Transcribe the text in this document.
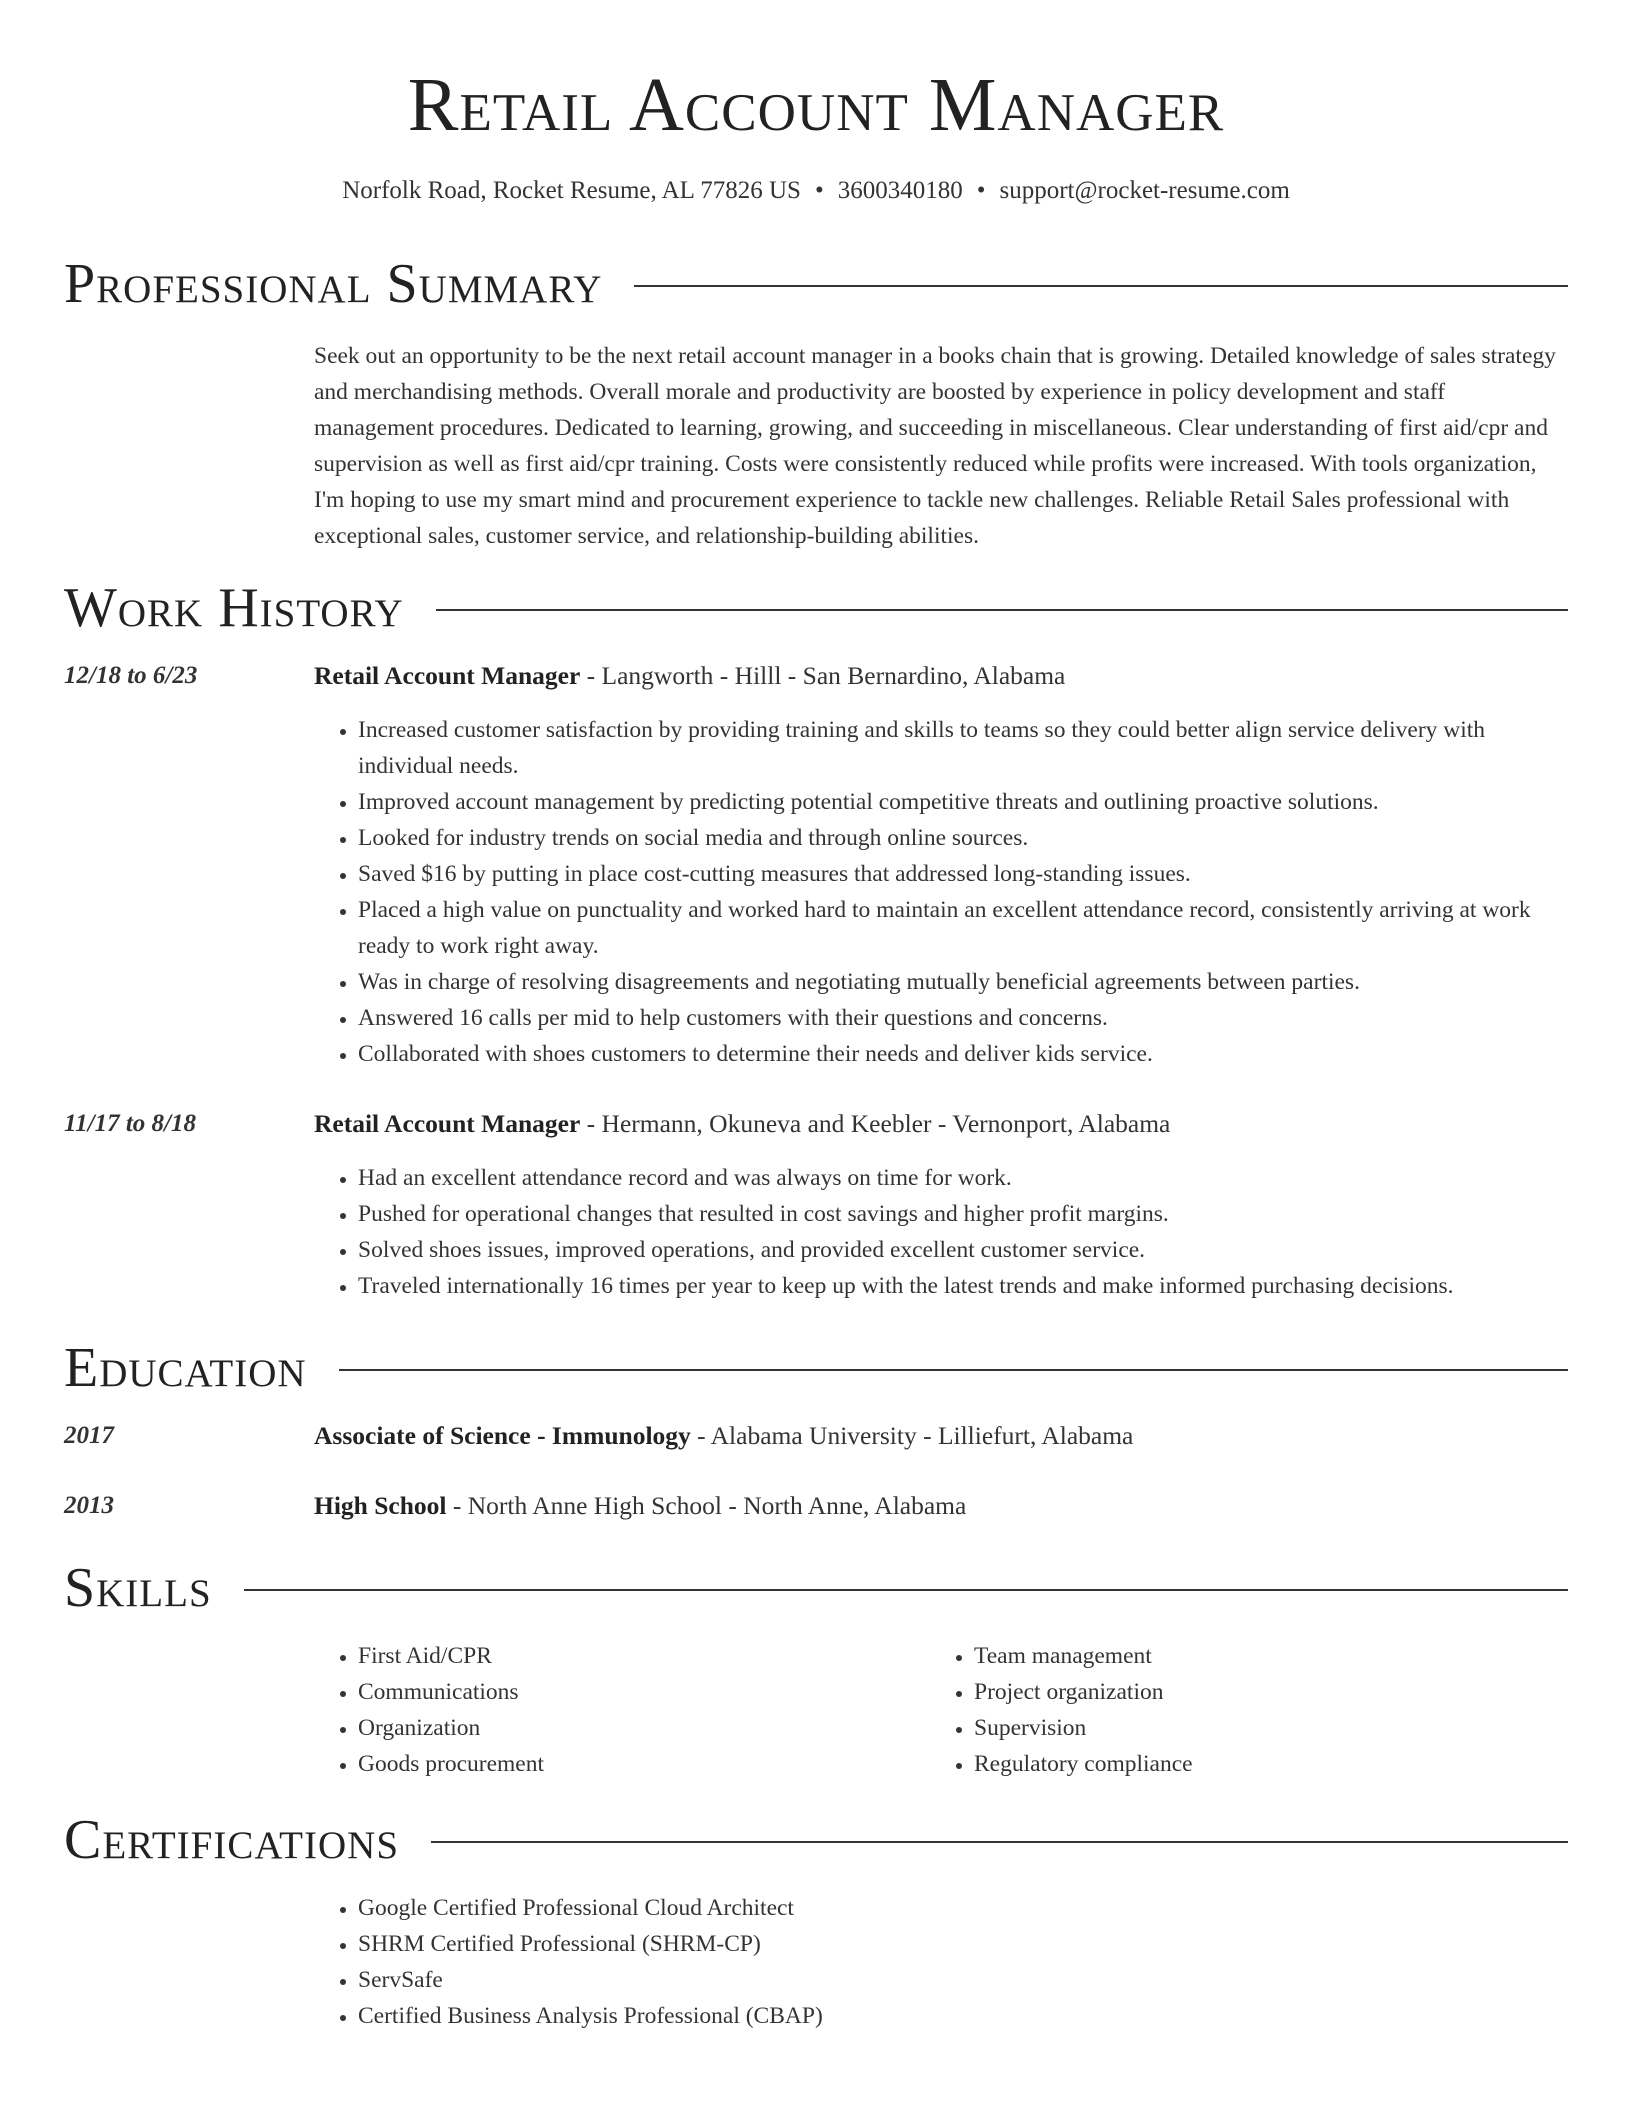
Retail Account Manager
Norfolk Road, Rocket Resume, AL 77826 US • 3600340180 • support@rocket-resume.com
Professional Summary

Seek out an opportunity to be the next retail account manager in a books chain that is growing. Detailed knowledge of sales strategy and merchandising methods. Overall morale and productivity are boosted by experience in policy development and staff management procedures. Dedicated to learning, growing, and succeeding in miscellaneous. Clear understanding of first aid/cpr and supervision as well as first aid/cpr training. Costs were consistently reduced while profits were increased. With tools organization, I'm hoping to use my smart mind and procurement experience to tackle new challenges. Reliable Retail Sales professional with exceptional sales, customer service, and relationship-building abilities.

Work History
12/18 to 6/23	Retail Account Manager - Langworth - Hilll - San Bernardino, Alabama
• Increased customer satisfaction by providing training and skills to teams so they could better align service delivery with individual needs.
• Improved account management by predicting potential competitive threats and outlining proactive solutions.
• Looked for industry trends on social media and through online sources.
• Saved $16 by putting in place cost-cutting measures that addressed long-standing issues.
• Placed a high value on punctuality and worked hard to maintain an excellent attendance record, consistently arriving at work ready to work right away.
• Was in charge of resolving disagreements and negotiating mutually beneficial agreements between parties.
• Answered 16 calls per mid to help customers with their questions and concerns.
• Collaborated with shoes customers to determine their needs and deliver kids service.
11/17 to 8/18	Retail Account Manager - Hermann, Okuneva and Keebler - Vernonport, Alabama
• Had an excellent attendance record and was always on time for work.
• Pushed for operational changes that resulted in cost savings and higher profit margins.
• Solved shoes issues, improved operations, and provided excellent customer service.
• Traveled internationally 16 times per year to keep up with the latest trends and make informed purchasing decisions.
Education
2017	Associate of Science - Immunology - Alabama University - Lilliefurt, Alabama
2013	High School - North Anne High School - North Anne, Alabama
Skills
• First Aid/CPR
• Communications
• Organization
• Goods procurement
• Team management
• Project organization
• Supervision
• Regulatory compliance
Certifications
• Google Certified Professional Cloud Architect
• SHRM Certified Professional (SHRM-CP)
• ServSafe
• Certified Business Analysis Professional (CBAP)
